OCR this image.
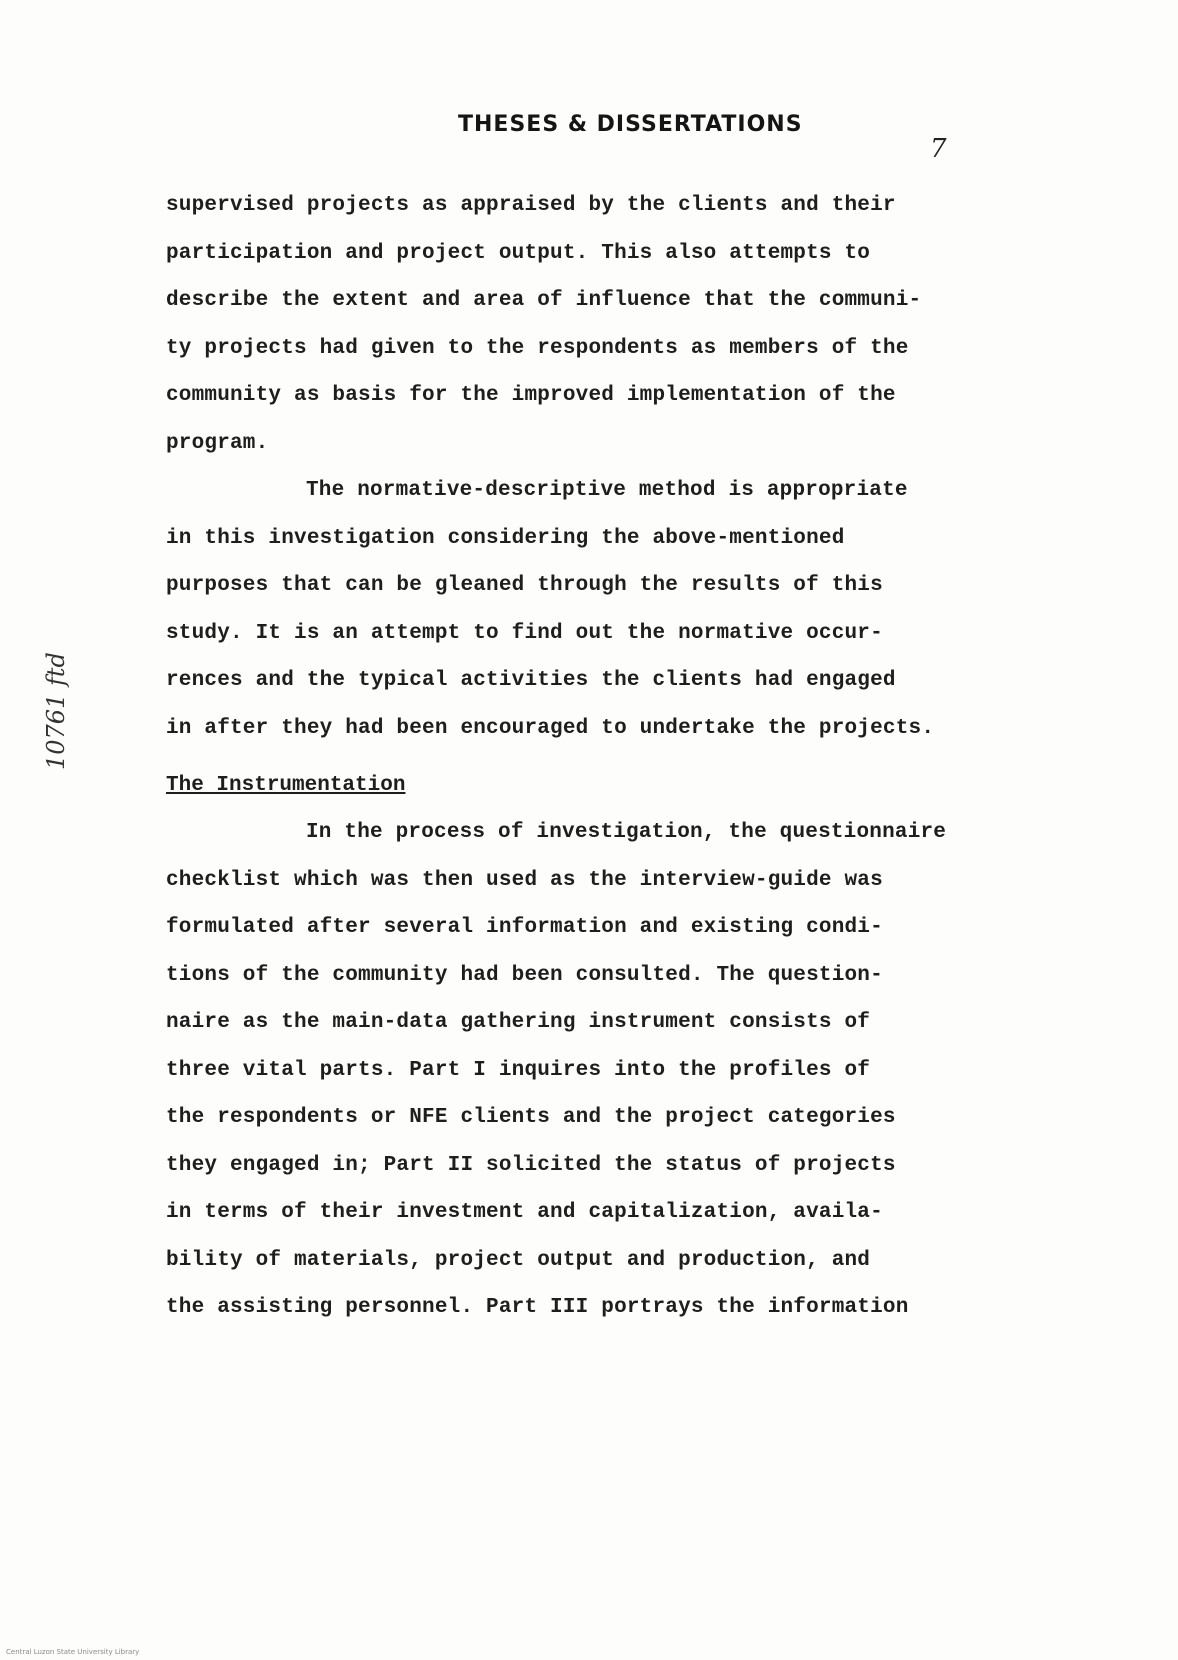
THESES & DISSERTATIONS
7
10761 ftd
supervised projects as appraised by the clients and their
participation and project output. This also attempts to
describe the extent and area of influence that the communi-
ty projects had given to the respondents as members of the
community as basis for the improved implementation of the
program.
The normative-descriptive method is appropriate
in this investigation considering the above-mentioned
purposes that can be gleaned through the results of this
study. It is an attempt to find out the normative occur-
rences and the typical activities the clients had engaged
in after they had been encouraged to undertake the projects.
The Instrumentation
In the process of investigation, the questionnaire
checklist which was then used as the interview-guide was
formulated after several information and existing condi-
tions of the community had been consulted. The question-
naire as the main-data gathering instrument consists of
three vital parts. Part I inquires into the profiles of
the respondents or NFE clients and the project categories
they engaged in; Part II solicited the status of projects
in terms of their investment and capitalization, availa-
bility of materials, project output and production, and
the assisting personnel. Part III portrays the information
Central Luzon State University Library
